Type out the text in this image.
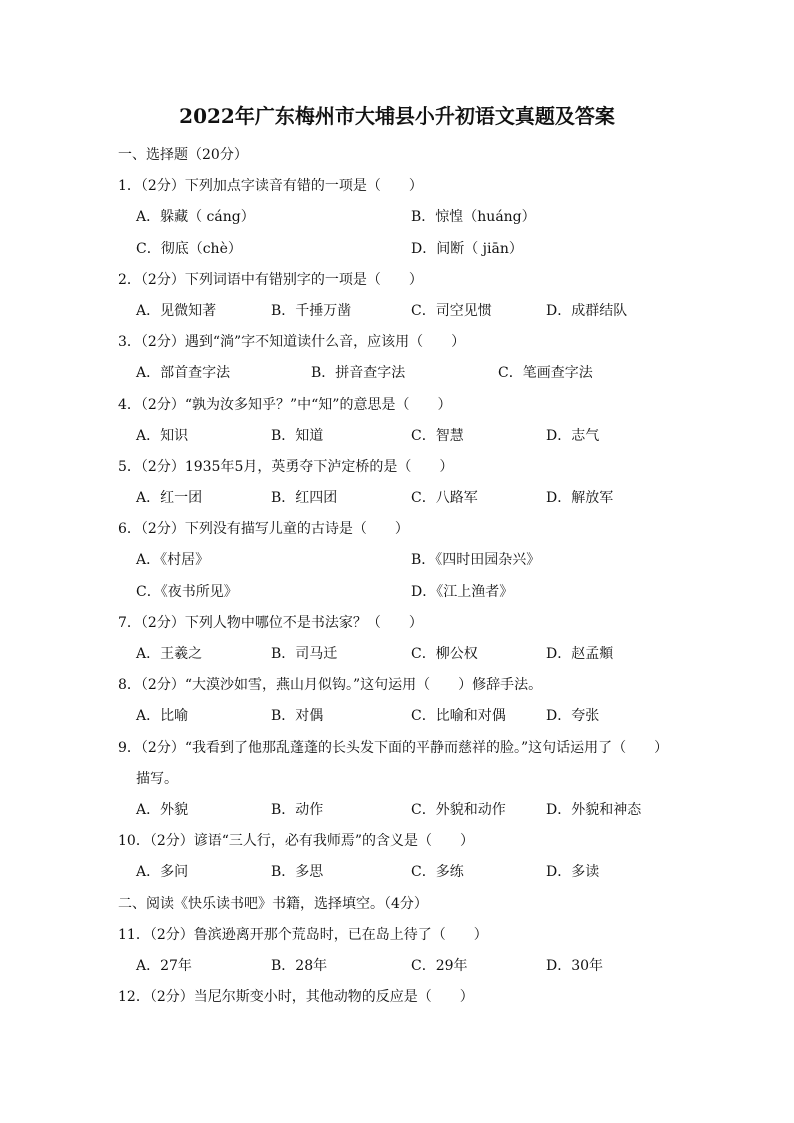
2022年广东梅州市大埔县小升初语文真题及答案
一、选择题（20分）
1．（2分）下列加点字读音有错的一项是（　　）
A．躲藏（ cáng）	B．惊惶（huáng）
C．彻底（chè）	D．间断（ jiān）
2．（2分）下列词语中有错别字的一项是（　　）
A．见微知著	B．千捶万凿	C．司空见惯	D．成群结队
3．（2分）遇到“淌”字不知道读什么音，应该用（　　）
A．部首查字法	B．拼音查字法	C．笔画查字法
4．（2分）“孰为汝多知乎？”中“知”的意思是（　　）
A．知识	B．知道	C．智慧	D．志气
5．（2分）1935年5月，英勇夺下泸定桥的是（　　）
A．红一团	B．红四团	C．八路军	D．解放军
6．（2分）下列没有描写儿童的古诗是（　　）
A．《村居》	B．《四时田园杂兴》
C．《夜书所见》	D．《江上渔者》
7．（2分）下列人物中哪位不是书法家？（　　）
A．王羲之	B．司马迁	C．柳公权	D．赵孟頫
8．（2分）“大漠沙如雪，燕山月似钩。”这句运用（　　）修辞手法。
A．比喻	B．对偶	C．比喻和对偶	D．夸张
9．（2分）“我看到了他那乱蓬蓬的长头发下面的平静而慈祥的脸。”这句话运用了（　　）
描写。
A．外貌	B．动作	C．外貌和动作	D．外貌和神态
10．（2分）谚语“三人行，必有我师焉”的含义是（　　）
A．多问	B．多思	C．多练	D．多读
二、阅读《快乐读书吧》书籍，选择填空。（4分）
11．（2分）鲁滨逊离开那个荒岛时，已在岛上待了（　　）
A．27年	B．28年	C．29年	D．30年
12．（2分）当尼尔斯变小时，其他动物的反应是（　　）
